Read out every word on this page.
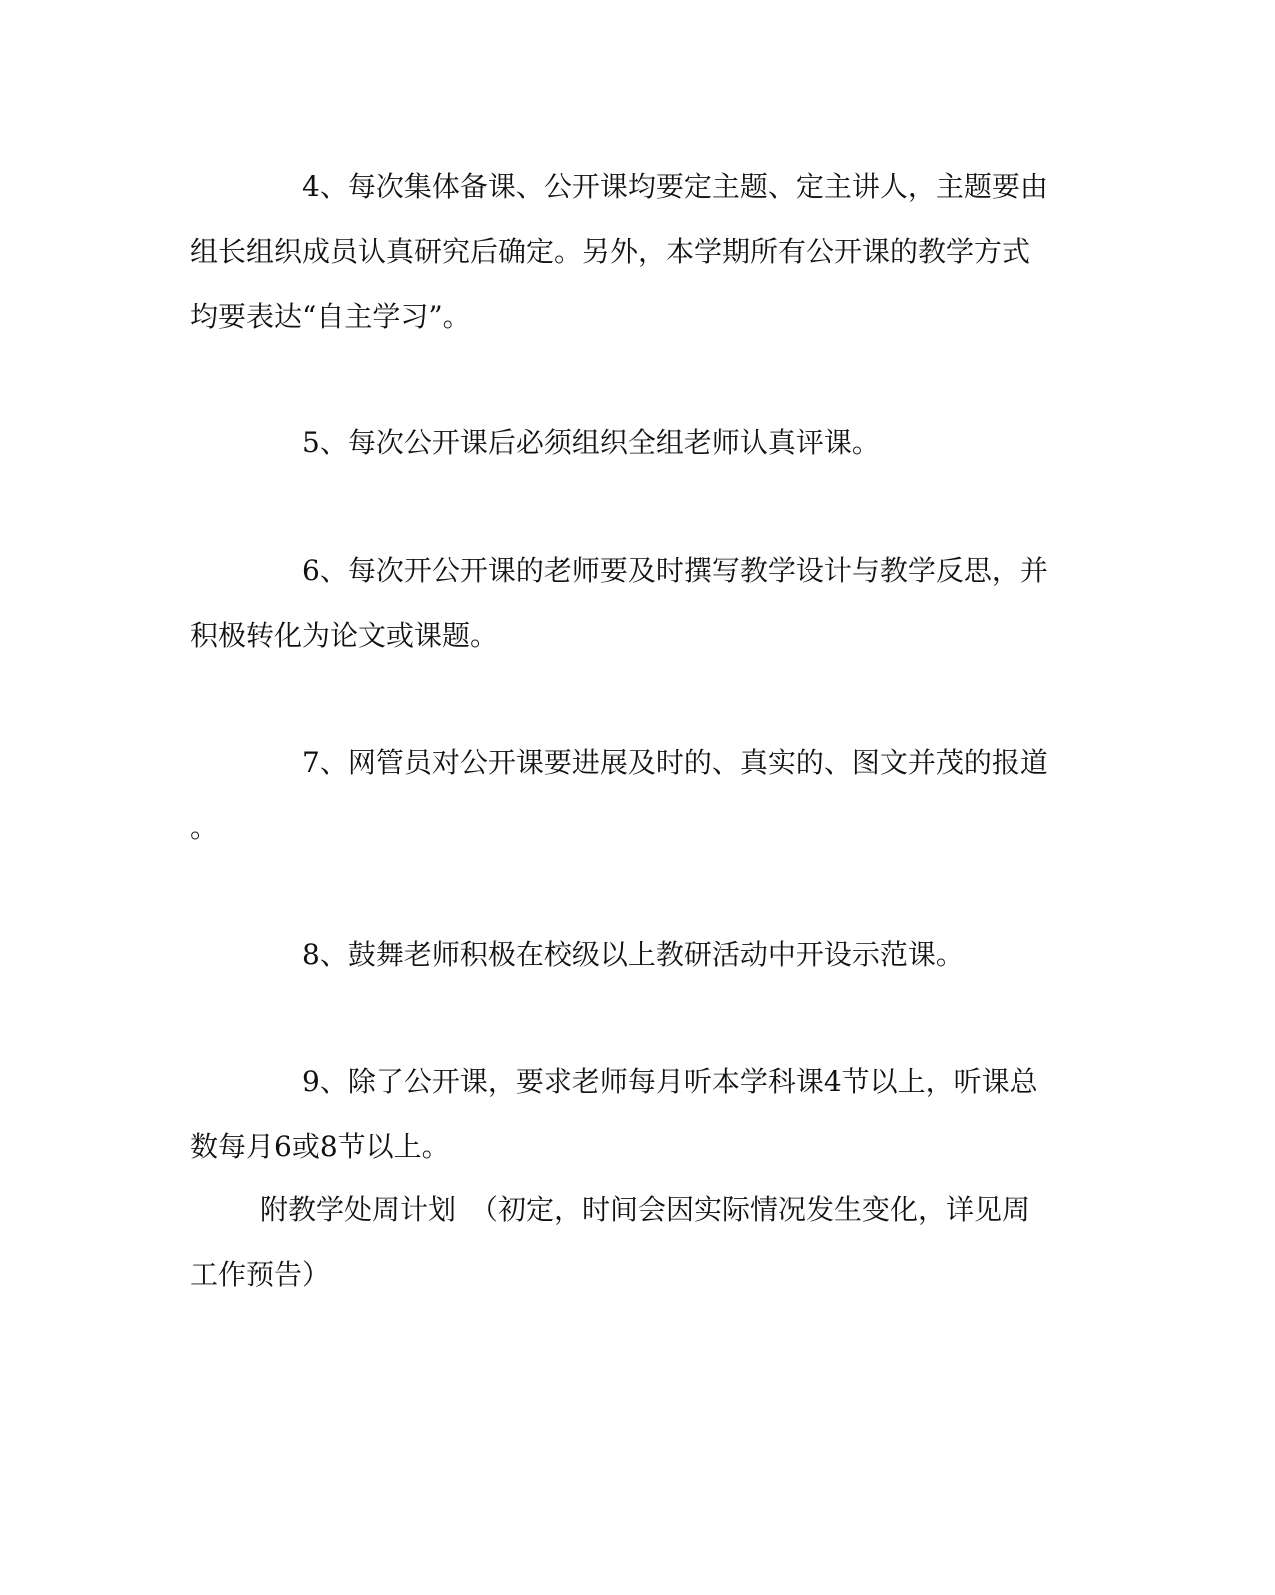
4、每次集体备课、公开课均要定主题、定主讲人，主题要由
组长组织成员认真研究后确定。另外，本学期所有公开课的教学方式
均要表达“自主学习”。
5、每次公开课后必须组织全组老师认真评课。
6、每次开公开课的老师要及时撰写教学设计与教学反思，并
积极转化为论文或课题。
7、网管员对公开课要进展及时的、真实的、图文并茂的报道
。
8、鼓舞老师积极在校级以上教研活动中开设示范课。
9、除了公开课，要求老师每月听本学科课4节以上，听课总
数每月6或8节以上。
附教学处周计划　（初定，时间会因实际情况发生变化，详见周
工作预告）
